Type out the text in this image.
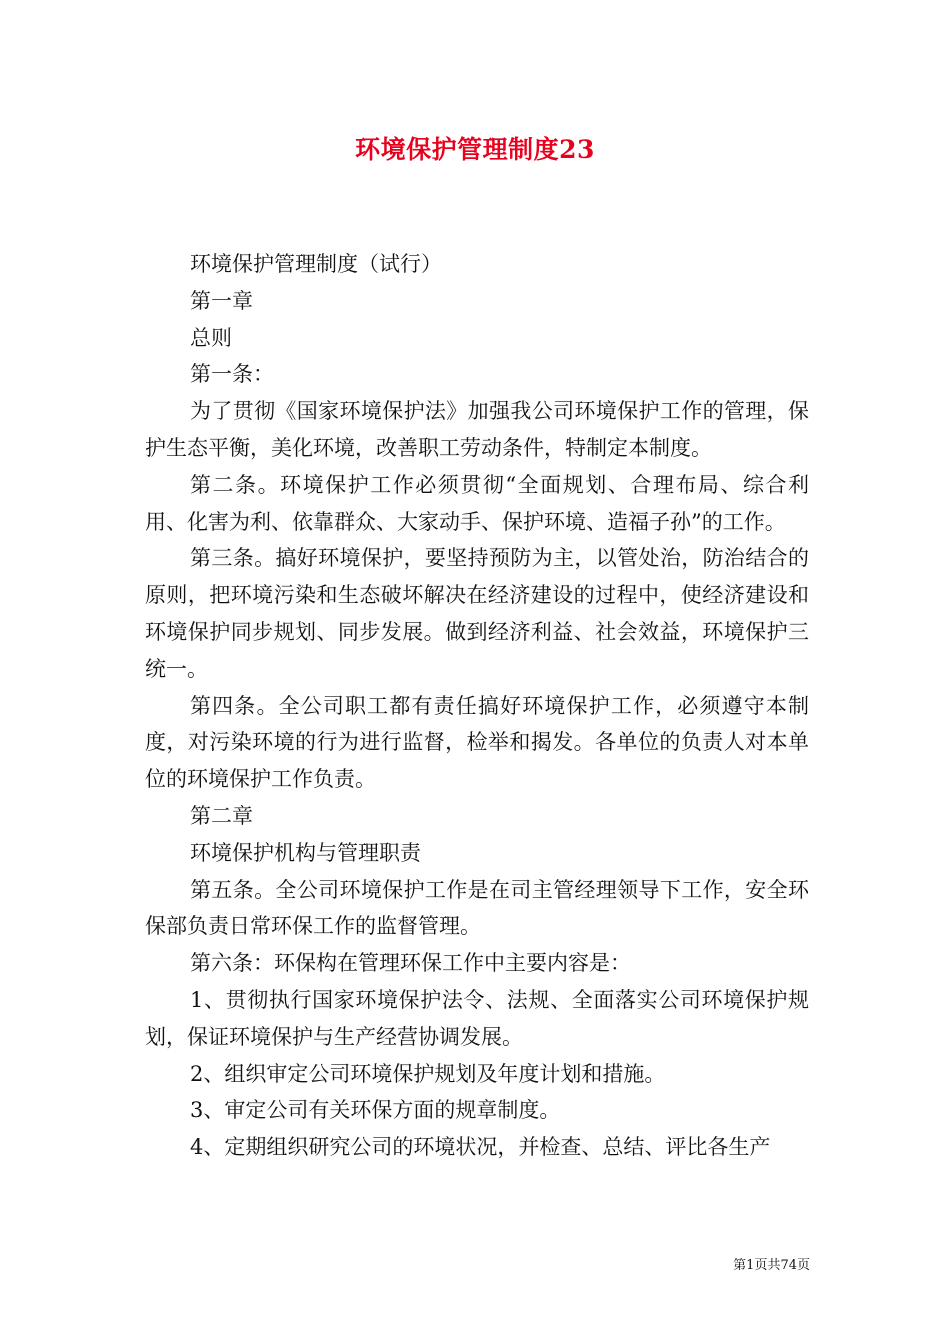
环境保护管理制度23

环境保护管理制度（试行）

第一章

总则

第一条：

为了贯彻《国家环境保护法》加强我公司环境保护工作的管理，保护生态平衡，美化环境，改善职工劳动条件，特制定本制度。

第二条。环境保护工作必须贯彻“全面规划、合理布局、综合利用、化害为利、依靠群众、大家动手、保护环境、造福子孙”的工作。

第三条。搞好环境保护，要坚持预防为主，以管处治，防治结合的原则，把环境污染和生态破坏解决在经济建设的过程中，使经济建设和环境保护同步规划、同步发展。做到经济利益、社会效益，环境保护三统一。

第四条。全公司职工都有责任搞好环境保护工作，必须遵守本制度，对污染环境的行为进行监督，检举和揭发。各单位的负责人对本单位的环境保护工作负责。

第二章

环境保护机构与管理职责

第五条。全公司环境保护工作是在司主管经理领导下工作，安全环保部负责日常环保工作的监督管理。

第六条：环保构在管理环保工作中主要内容是：

1、贯彻执行国家环境保护法令、法规、全面落实公司环境保护规划，保证环境保护与生产经营协调发展。

2、组织审定公司环境保护规划及年度计划和措施。

3、审定公司有关环保方面的规章制度。

4、定期组织研究公司的环境状况，并检查、总结、评比各生产

第1页共74页
